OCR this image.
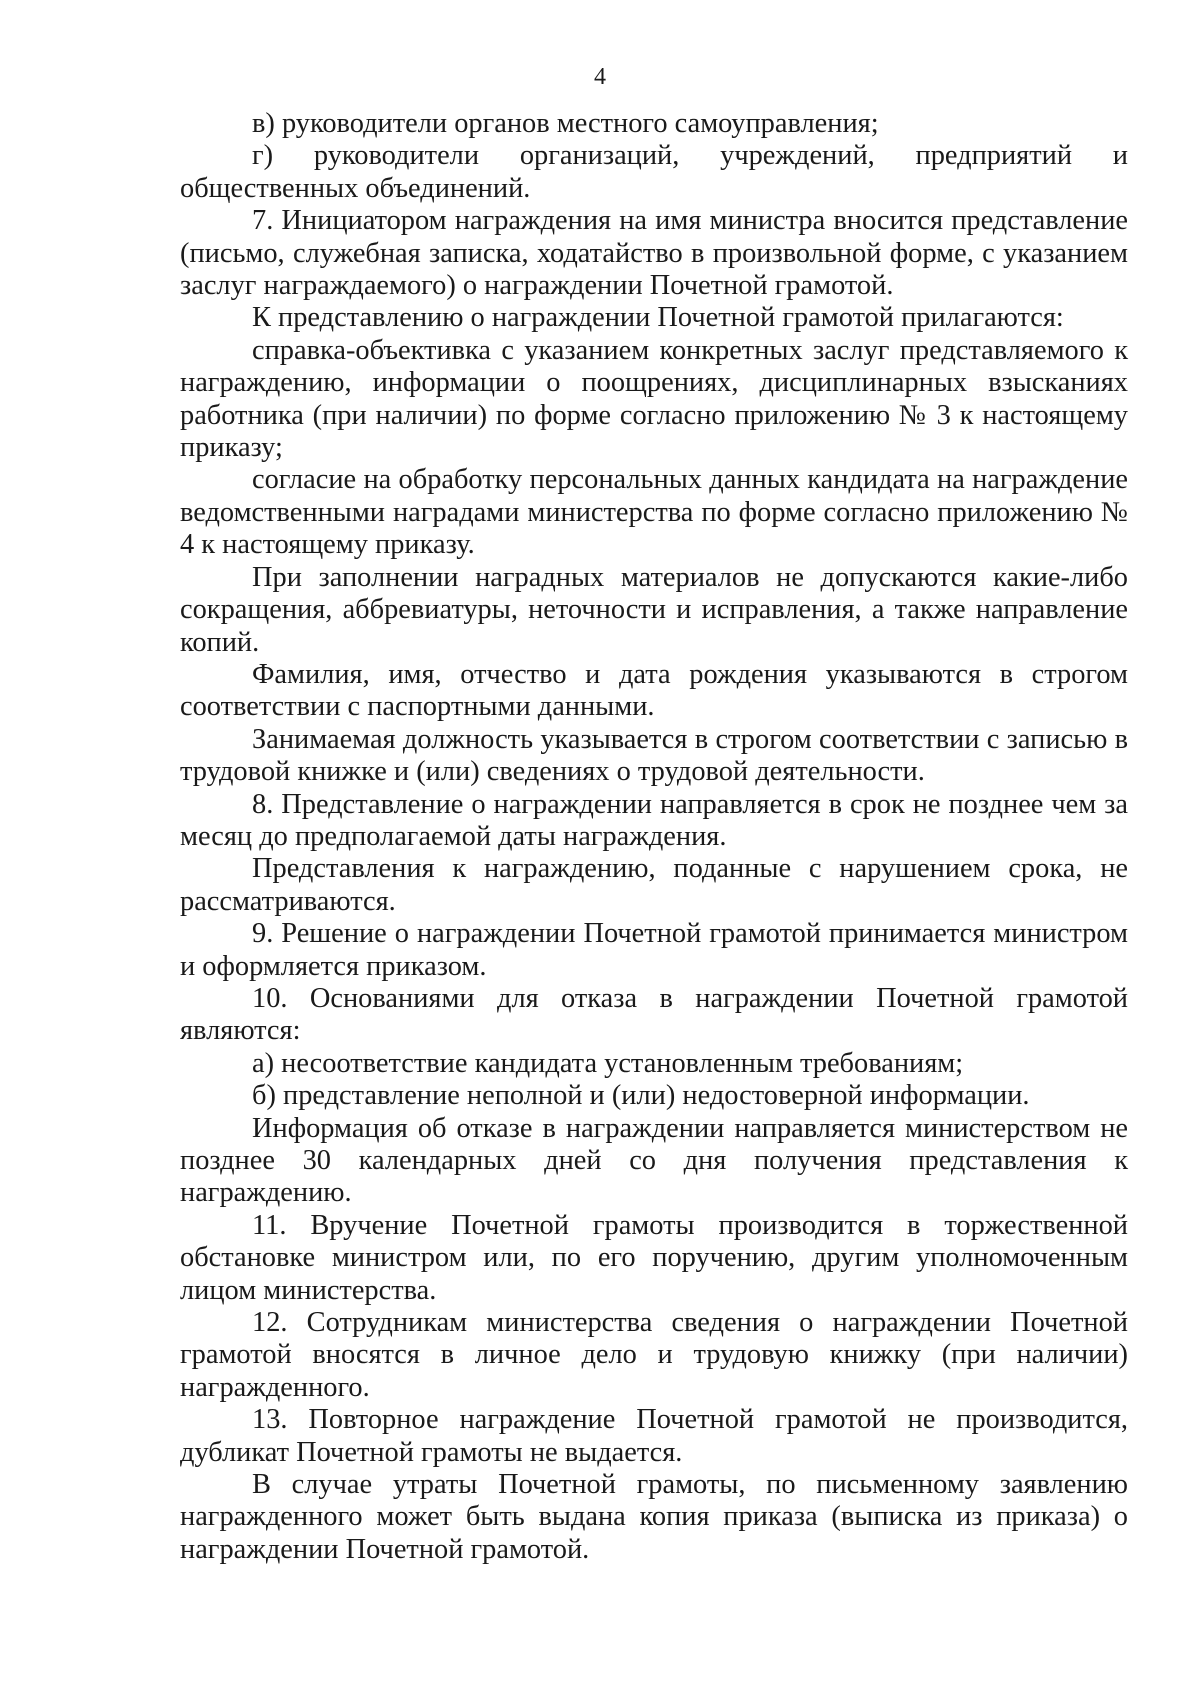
4

в) руководители органов местного самоуправления;

г) руководители организаций, учреждений, предприятий и общественных объединений.

7. Инициатором награждения на имя министра вносится представление (письмо, служебная записка, ходатайство в произвольной форме, с указанием заслуг награждаемого) о награждении Почетной грамотой.

К представлению о награждении Почетной грамотой прилагаются:

справка-объективка с указанием конкретных заслуг представляемого к награждению, информации о поощрениях, дисциплинарных взысканиях работника (при наличии) по форме согласно приложению № 3 к настоящему приказу;

согласие на обработку персональных данных кандидата на награждение ведомственными наградами министерства по форме согласно приложению № 4 к настоящему приказу.

При заполнении наградных материалов не допускаются какие-либо сокращения, аббревиатуры, неточности и исправления, а также направление копий.

Фамилия, имя, отчество и дата рождения указываются в строгом соответствии с паспортными данными.

Занимаемая должность указывается в строгом соответствии с записью в трудовой книжке и (или) сведениях о трудовой деятельности.

8. Представление о награждении направляется в срок не позднее чем за месяц до предполагаемой даты награждения.

Представления к награждению, поданные с нарушением срока, не рассматриваются.

9. Решение о награждении Почетной грамотой принимается министром и оформляется приказом.

10. Основаниями для отказа в награждении Почетной грамотой являются:

а) несоответствие кандидата установленным требованиям;

б) представление неполной и (или) недостоверной информации.

Информация об отказе в награждении направляется министерством не позднее 30 календарных дней со дня получения представления к награждению.

11. Вручение Почетной грамоты производится в торжественной обстановке министром или, по его поручению, другим уполномоченным лицом министерства.

12. Сотрудникам министерства сведения о награждении Почетной грамотой вносятся в личное дело и трудовую книжку (при наличии) награжденного.

13. Повторное награждение Почетной грамотой не производится, дубликат Почетной грамоты не выдается.

В случае утраты Почетной грамоты, по письменному заявлению награжденного может быть выдана копия приказа (выписка из приказа) о награждении Почетной грамотой.
